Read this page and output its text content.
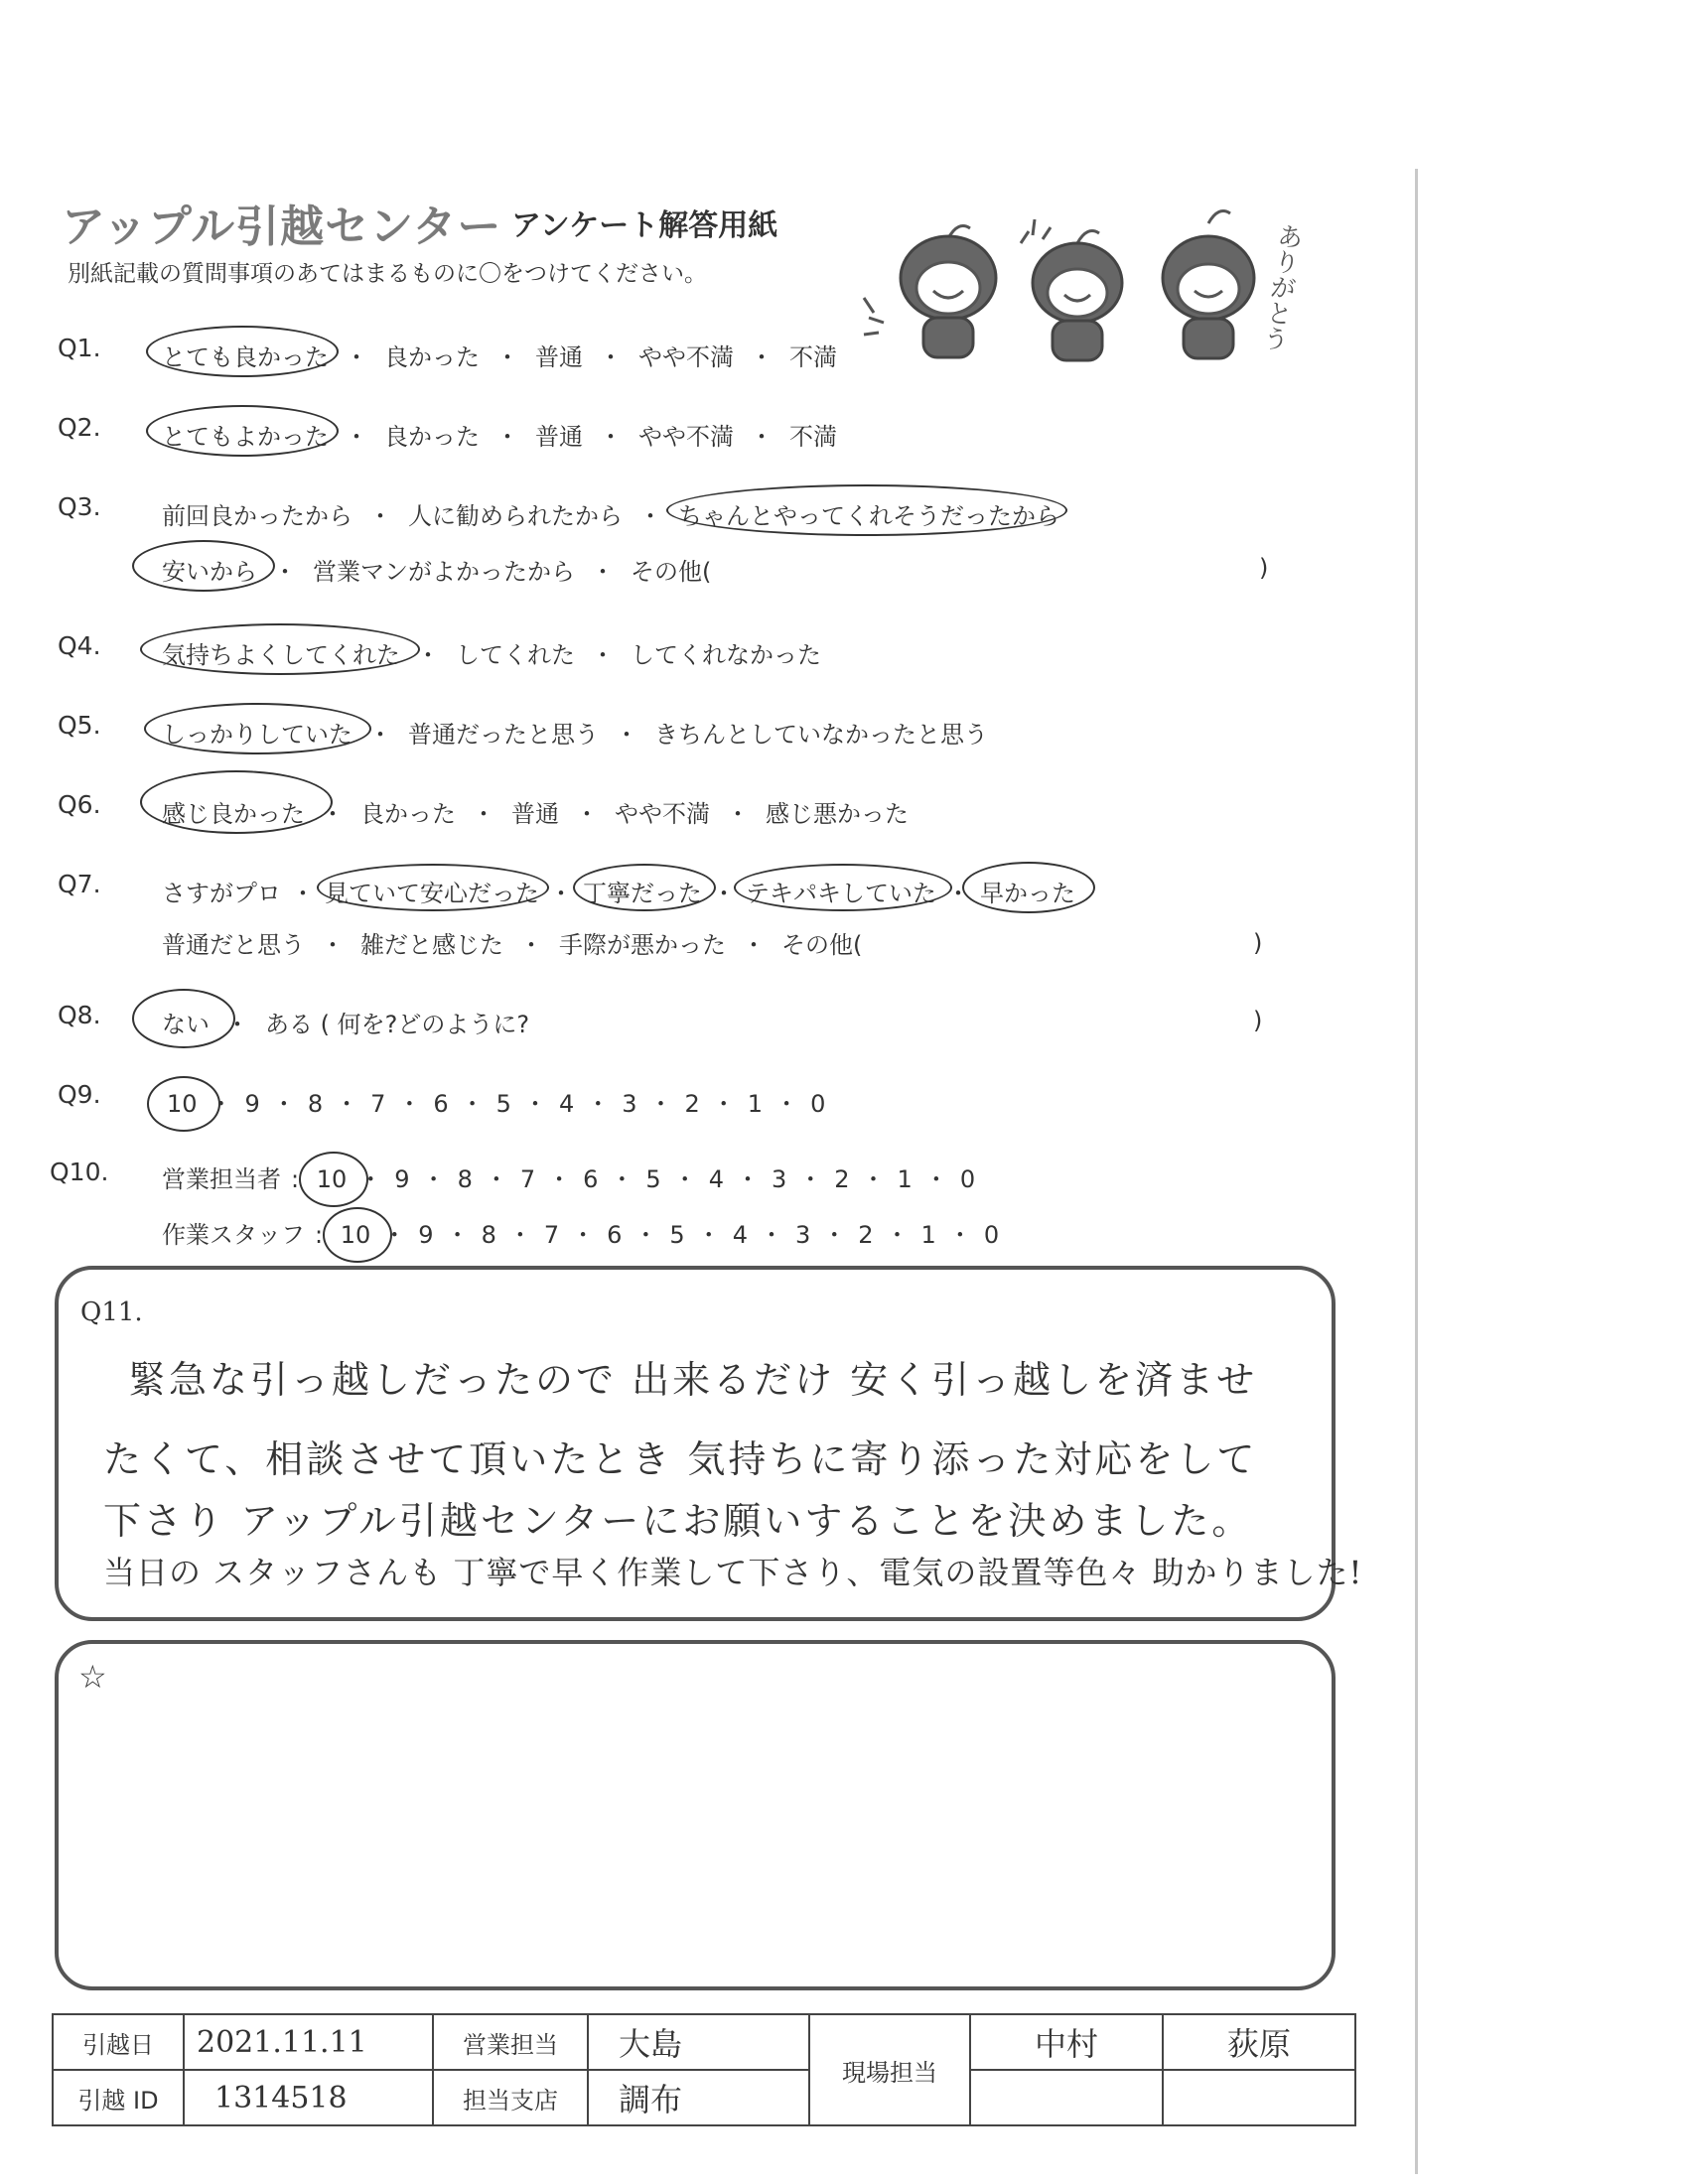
アップル引越センター アンケート解答用紙
別紙記載の質問事項のあてはまるものに〇をつけてください。	ありがとう
Q1.	とても良かった ・ 良かった ・ 普通 ・ やや不満 ・ 不満
Q2.	とてもよかった ・ 良かった ・ 普通 ・ やや不満 ・ 不満
Q3.	前回良かったから ・ 人に勧められたから ・ ちゃんとやってくれそうだったから
安いから ・ 営業マンがよかったから ・ その他(	)
Q4.	気持ちよくしてくれた ・ してくれた ・ してくれなかった
Q5.	しっかりしていた ・ 普通だったと思う ・ きちんとしていなかったと思う
Q6.	感じ良かった ・ 良かった ・ 普通 ・ やや不満 ・ 感じ悪かった
Q7.	さすがプロ ・ 見ていて安心だった ・ 丁寧だった ・ テキパキしていた ・ 早かった
普通だと思う ・ 雑だと感じた ・ 手際が悪かった ・ その他(	)
Q8.	ない ・ ある ( 何を?どのように?	)
Q9.	10 ・ 9 ・ 8 ・ 7 ・ 6 ・ 5 ・ 4 ・ 3 ・ 2 ・ 1 ・ 0
Q10. 営業担当者 : 10 ・ 9 ・ 8 ・ 7 ・ 6 ・ 5 ・ 4 ・ 3 ・ 2 ・ 1 ・ 0
作業スタッフ : 10 ・ 9 ・ 8 ・ 7 ・ 6 ・ 5 ・ 4 ・ 3 ・ 2 ・ 1 ・ 0
Q11.
緊急な引っ越しだったので 出来るだけ 安く引っ越しを済ませ
たくて、相談させて頂いたとき 気持ちに寄り添った対応をして
下さり アップル引越センターにお願いすることを決めました。
当日の スタッフさんも 丁寧で早く作業して下さり、電気の設置等色々 助かりました!
☆
引越日	2021.11.11	営業担当	大島	現場担当	中村	荻原
引越 ID	1314518	担当支店	調布			
